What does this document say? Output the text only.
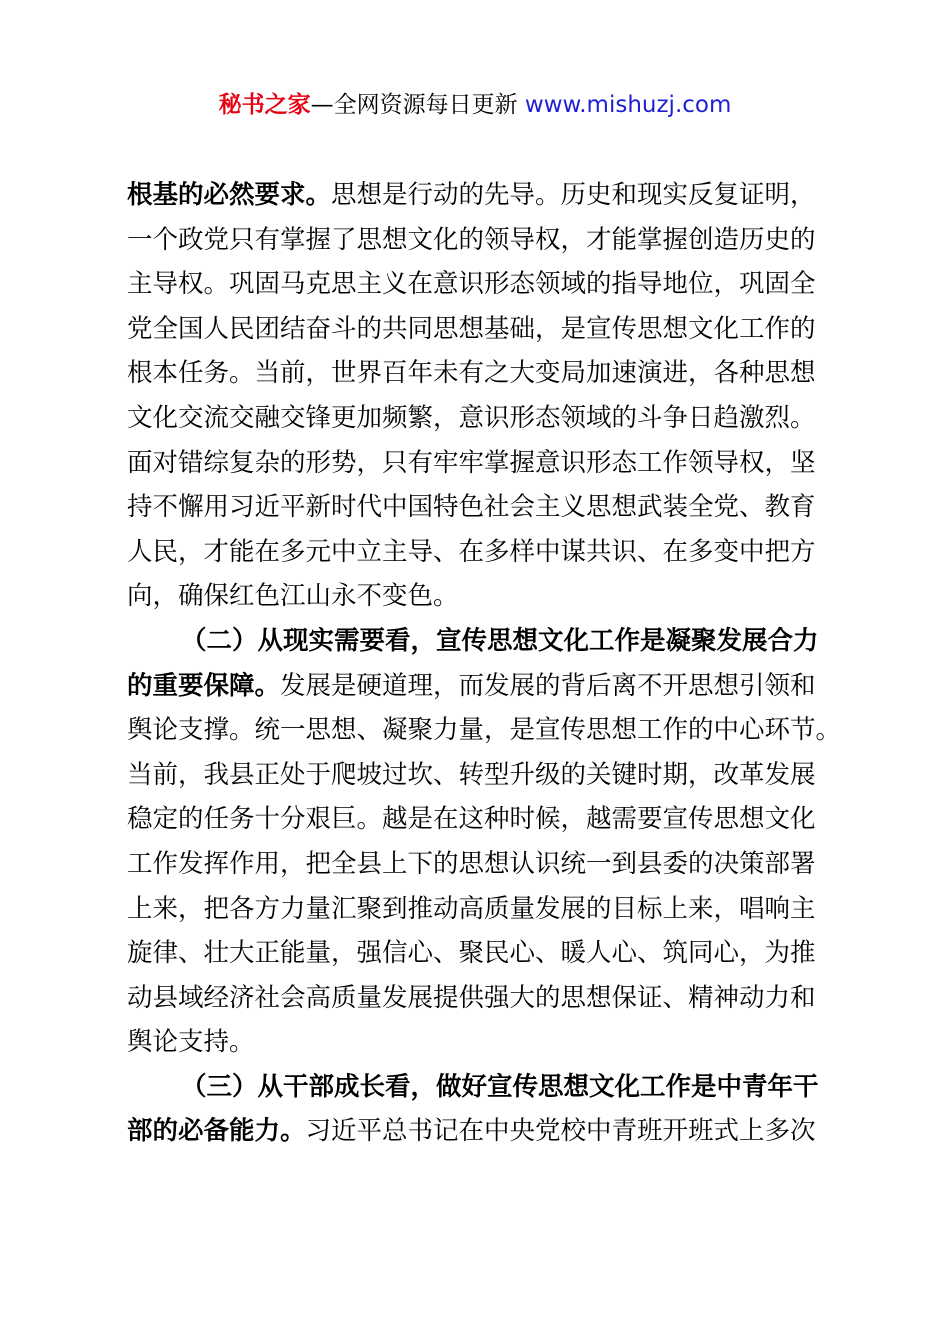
秘书之家—全网资源每日更新 www.mishuzj.com
根基的必然要求。思想是行动的先导。历史和现实反复证明，
一个政党只有掌握了思想文化的领导权，才能掌握创造历史的
主导权。巩固马克思主义在意识形态领域的指导地位，巩固全
党全国人民团结奋斗的共同思想基础，是宣传思想文化工作的
根本任务。当前，世界百年未有之大变局加速演进，各种思想
文化交流交融交锋更加频繁，意识形态领域的斗争日趋激烈。
面对错综复杂的形势，只有牢牢掌握意识形态工作领导权，坚
持不懈用习近平新时代中国特色社会主义思想武装全党、教育
人民，才能在多元中立主导、在多样中谋共识、在多变中把方
向，确保红色江山永不变色。
（二）从现实需要看，宣传思想文化工作是凝聚发展合力
的重要保障。发展是硬道理，而发展的背后离不开思想引领和
舆论支撑。统一思想、凝聚力量，是宣传思想工作的中心环节。
当前，我县正处于爬坡过坎、转型升级的关键时期，改革发展
稳定的任务十分艰巨。越是在这种时候，越需要宣传思想文化
工作发挥作用，把全县上下的思想认识统一到县委的决策部署
上来，把各方力量汇聚到推动高质量发展的目标上来，唱响主
旋律、壮大正能量，强信心、聚民心、暖人心、筑同心，为推
动县域经济社会高质量发展提供强大的思想保证、精神动力和
舆论支持。
（三）从干部成长看，做好宣传思想文化工作是中青年干
部的必备能力。习近平总书记在中央党校中青班开班式上多次
